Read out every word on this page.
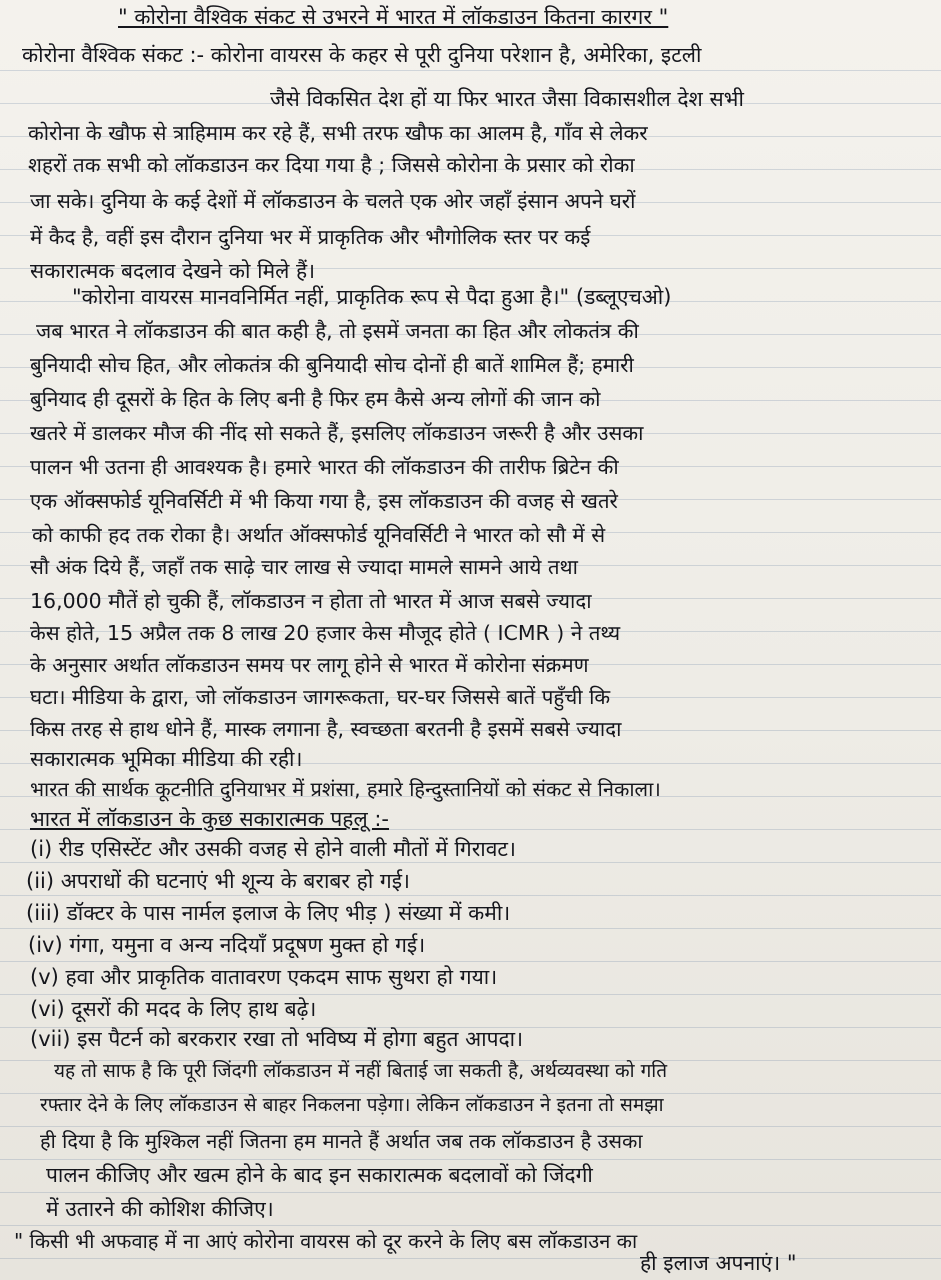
" कोरोना वैश्विक संकट से उभरने में भारत में लॉकडाउन कितना कारगर "
कोरोना वैश्विक संकट :- कोरोना वायरस के कहर से पूरी दुनिया परेशान है, अमेरिका, इटली
जैसे विकसित देश हों या फिर भारत जैसा विकासशील देश सभी
कोरोना के खौफ से त्राहिमाम कर रहे हैं, सभी तरफ खौफ का आलम है, गाँव से लेकर
शहरों तक सभी को लॉकडाउन कर दिया गया है ; जिससे कोरोना के प्रसार को रोका
जा सके। दुनिया के कई देशों में लॉकडाउन के चलते एक ओर जहाँ इंसान अपने घरों
में कैद है, वहीं इस दौरान दुनिया भर में प्राकृतिक और भौगोलिक स्तर पर कई
सकारात्मक बदलाव देखने को मिले हैं।
"कोरोना वायरस मानवनिर्मित नहीं, प्राकृतिक रूप से पैदा हुआ है।" (डब्लूएचओ)
जब भारत ने लॉकडाउन की बात कही है, तो इसमें जनता का हित और लोकतंत्र की
बुनियादी सोच हित, और लोकतंत्र की बुनियादी सोच दोनों ही बातें शामिल हैं; हमारी
बुनियाद ही दूसरों के हित के लिए बनी है फिर हम कैसे अन्य लोगों की जान को
खतरे में डालकर मौज की नींद सो सकते हैं, इसलिए लॉकडाउन जरूरी है और उसका
पालन भी उतना ही आवश्यक है। हमारे भारत की लॉकडाउन की तारीफ ब्रिटेन की
एक ऑक्सफोर्ड यूनिवर्सिटी में भी किया गया है, इस लॉकडाउन की वजह से खतरे
को काफी हद तक रोका है। अर्थात ऑक्सफोर्ड यूनिवर्सिटी ने भारत को सौ में से
सौ अंक दिये हैं, जहाँ तक साढ़े चार लाख से ज्यादा मामले सामने आये तथा
16,000 मौतें हो चुकी हैं, लॉकडाउन न होता तो भारत में आज सबसे ज्यादा
केस होते, 15 अप्रैल तक 8 लाख 20 हजार केस मौजूद होते ( ICMR ) ने तथ्य
के अनुसार अर्थात लॉकडाउन समय पर लागू होने से भारत में कोरोना संक्रमण
घटा। मीडिया के द्वारा, जो लॉकडाउन जागरूकता, घर-घर जिससे बातें पहुँची कि
किस तरह से हाथ धोने हैं, मास्क लगाना है, स्वच्छता बरतनी है इसमें सबसे ज्यादा
सकारात्मक भूमिका मीडिया की रही।
भारत की सार्थक कूटनीति दुनियाभर में प्रशंसा, हमारे हिन्दुस्तानियों को संकट से निकाला।
भारत में लॉकडाउन के कुछ सकारात्मक पहलू :-
(i) रीड एसिस्टेंट और उसकी वजह से होने वाली मौतों में गिरावट।
(ii) अपराधों की घटनाएं भी शून्य के बराबर हो गई।
(iii) डॉक्टर के पास नार्मल इलाज के लिए भीड़ ) संख्या में कमी।
(iv) गंगा, यमुना व अन्य नदियाँ प्रदूषण मुक्त हो गई।
(v) हवा और प्राकृतिक वातावरण एकदम साफ सुथरा हो गया।
(vi) दूसरों की मदद के लिए हाथ बढ़े।
(vii) इस पैटर्न को बरकरार रखा तो भविष्य में होगा बहुत आपदा।
यह तो साफ है कि पूरी जिंदगी लॉकडाउन में नहीं बिताई जा सकती है, अर्थव्यवस्था को गति
रफ्तार देने के लिए लॉकडाउन से बाहर निकलना पड़ेगा। लेकिन लॉकडाउन ने इतना तो समझा
ही दिया है कि मुश्किल नहीं जितना हम मानते हैं अर्थात जब तक लॉकडाउन है उसका
पालन कीजिए और खत्म होने के बाद इन सकारात्मक बदलावों को जिंदगी
में उतारने की कोशिश कीजिए।
" किसी भी अफवाह में ना आएं कोरोना वायरस को दूर करने के लिए बस लॉकडाउन का
ही इलाज अपनाएं। "
